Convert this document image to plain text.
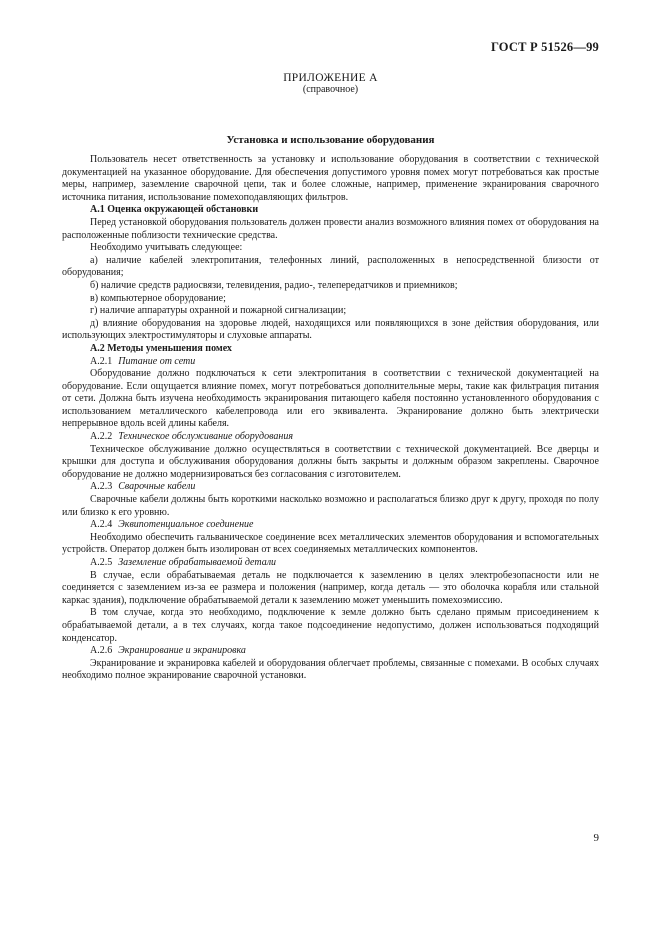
ГОСТ Р 51526—99
ПРИЛОЖЕНИЕ А
(справочное)
Установка и использование оборудования

Пользователь несет ответственность за установку и использование оборудования в соответствии с технической документацией на указанное оборудование. Для обеспечения допустимого уровня помех могут потребоваться как простые меры, например, заземление сварочной цепи, так и более сложные, например, применение экранирования сварочного источника питания, использование помехоподавляющих фильтров.

А.1 Оценка окружающей обстановки

Перед установкой оборудования пользователь должен провести анализ возможного влияния помех от оборудования на расположенные поблизости технические средства.

Необходимо учитывать следующее:

а) наличие кабелей электропитания, телефонных линий, расположенных в непосредственной близости от оборудования;

б) наличие средств радиосвязи, телевидения, радио-, телепередатчиков и приемников;

в) компьютерное оборудование;

г) наличие аппаратуры охранной и пожарной сигнализации;

д) влияние оборудования на здоровье людей, находящихся или появляющихся в зоне действия оборудования, или использующих электростимуляторы и слуховые аппараты.

А.2 Методы уменьшения помех

А.2.1 Питание от сети

Оборудование должно подключаться к сети электропитания в соответствии с технической документацией на оборудование. Если ощущается влияние помех, могут потребоваться дополнительные меры, такие как фильтрация питания от сети. Должна быть изучена необходимость экранирования питающего кабеля постоянно установленного оборудования с использованием металлического кабелепровода или его эквивалента. Экранирование должно быть электрически непрерывное вдоль всей длины кабеля.

А.2.2 Техническое обслуживание оборудования

Техническое обслуживание должно осуществляться в соответствии с технической документацией. Все дверцы и крышки для доступа и обслуживания оборудования должны быть закрыты и должным образом закреплены. Сварочное оборудование не должно модернизироваться без согласования с изготовителем.

А.2.3 Сварочные кабели

Сварочные кабели должны быть короткими насколько возможно и располагаться близко друг к другу, проходя по полу или близко к его уровню.

А.2.4 Эквипотенциальное соединение

Необходимо обеспечить гальваническое соединение всех металлических элементов оборудования и вспомогательных устройств. Оператор должен быть изолирован от всех соединяемых металлических компонентов.

А.2.5 Заземление обрабатываемой детали

В случае, если обрабатываемая деталь не подключается к заземлению в целях электробезопасности или не соединяется с заземлением из-за ее размера и положения (например, когда деталь — это оболочка корабля или стальной каркас здания), подключение обрабатываемой детали к заземлению может уменьшить помехоэмиссию.

В том случае, когда это необходимо, подключение к земле должно быть сделано прямым присоединением к обрабатываемой детали, а в тех случаях, когда такое подсоединение недопустимо, должен использоваться подходящий конденсатор.

А.2.6 Экранирование и экранировка

Экранирование и экранировка кабелей и оборудования облегчает проблемы, связанные с помехами. В особых случаях необходимо полное экранирование сварочной установки.

9
